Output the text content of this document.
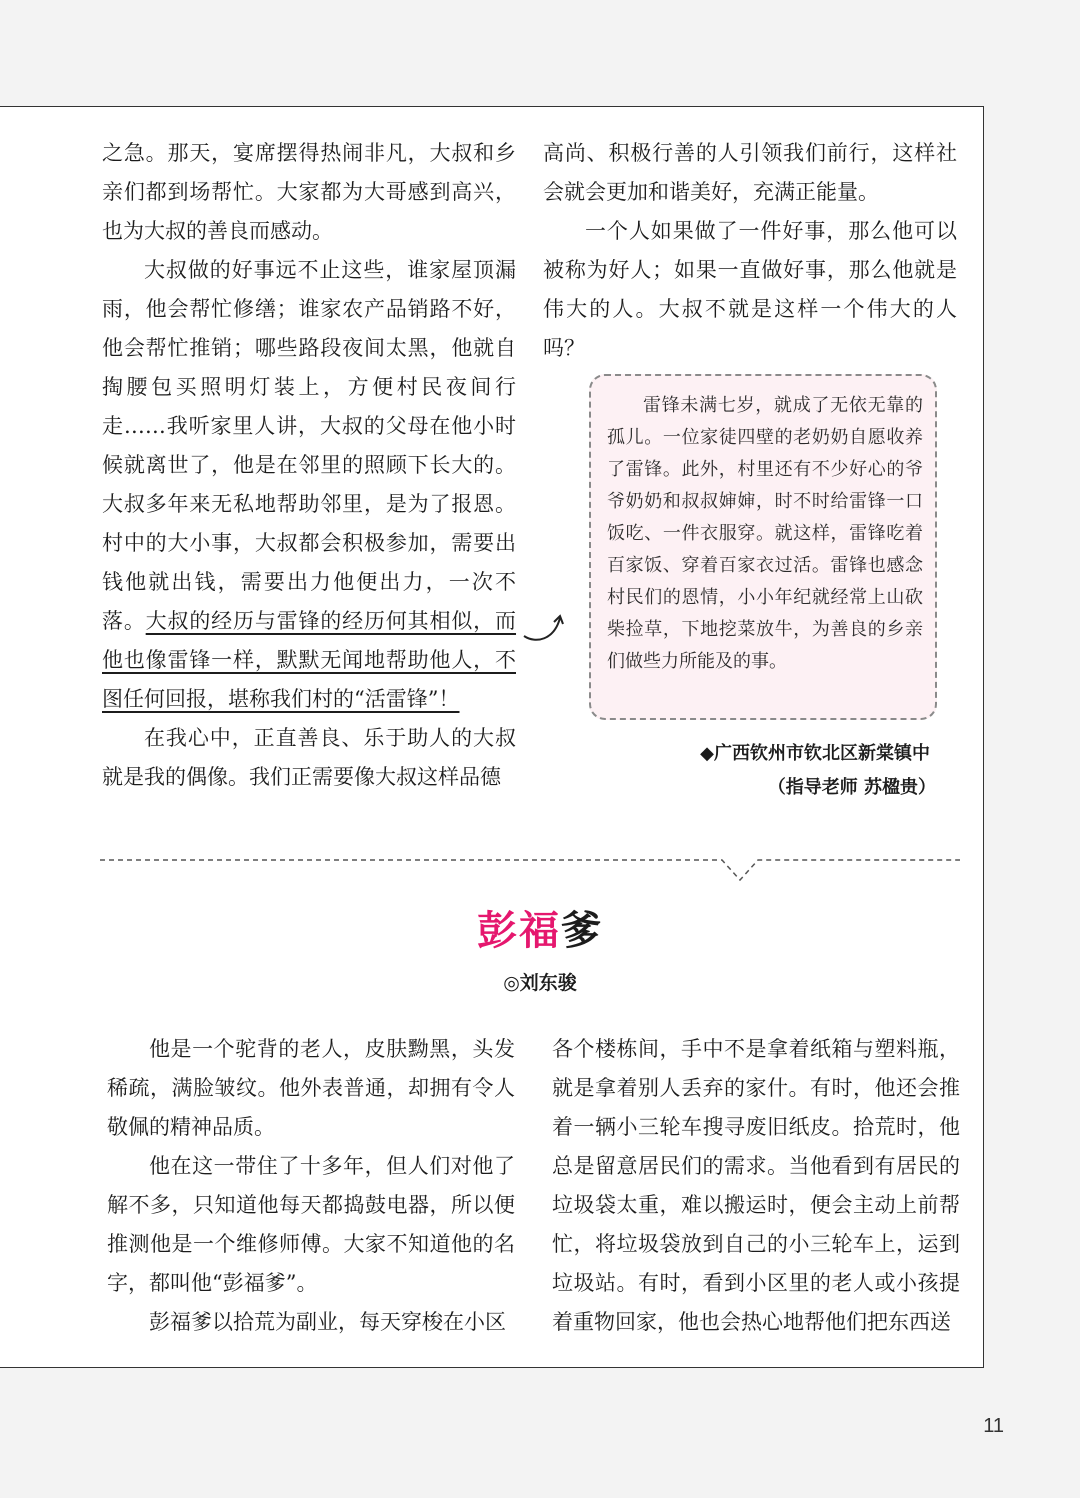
之急。那天，宴席摆得热闹非凡，大叔和乡亲们都到场帮忙。大家都为大哥感到高兴，也为大叔的善良而感动。

大叔做的好事远不止这些，谁家屋顶漏雨，他会帮忙修缮；谁家农产品销路不好，他会帮忙推销；哪些路段夜间太黑，他就自掏腰包买照明灯装上，方便村民夜间行走……我听家里人讲，大叔的父母在他小时候就离世了，他是在邻里的照顾下长大的。大叔多年来无私地帮助邻里，是为了报恩。村中的大小事，大叔都会积极参加，需要出钱他就出钱，需要出力他便出力，一次不落。大叔的经历与雷锋的经历何其相似，而他也像雷锋一样，默默无闻地帮助他人，不图任何回报，堪称我们村的“活雷锋”！

在我心中，正直善良、乐于助人的大叔就是我的偶像。我们正需要像大叔这样品德

高尚、积极行善的人引领我们前行，这样社会就会更加和谐美好，充满正能量。

一个人如果做了一件好事，那么他可以被称为好人；如果一直做好事，那么他就是伟大的人。大叔不就是这样一个伟大的人吗？

雷锋未满七岁，就成了无依无靠的孤儿。一位家徒四壁的老奶奶自愿收养了雷锋。此外，村里还有不少好心的爷爷奶奶和叔叔婶婶，时不时给雷锋一口饭吃、一件衣服穿。就这样，雷锋吃着百家饭、穿着百家衣过活。雷锋也感念村民们的恩情，小小年纪就经常上山砍柴捡草，下地挖菜放牛，为善良的乡亲们做些力所能及的事。

◆广西钦州市钦北区新棠镇中
（指导老师 苏楹贵）
彭福爹
◎刘东骏

他是一个驼背的老人，皮肤黝黑，头发稀疏，满脸皱纹。他外表普通，却拥有令人敬佩的精神品质。

他在这一带住了十多年，但人们对他了解不多，只知道他每天都捣鼓电器，所以便推测他是一个维修师傅。大家不知道他的名字，都叫他“彭福爹”。

彭福爹以拾荒为副业，每天穿梭在小区

各个楼栋间，手中不是拿着纸箱与塑料瓶，就是拿着别人丢弃的家什。有时，他还会推着一辆小三轮车搜寻废旧纸皮。拾荒时，他总是留意居民们的需求。当他看到有居民的垃圾袋太重，难以搬运时，便会主动上前帮忙，将垃圾袋放到自己的小三轮车上，运到垃圾站。有时，看到小区里的老人或小孩提着重物回家，他也会热心地帮他们把东西送

11
